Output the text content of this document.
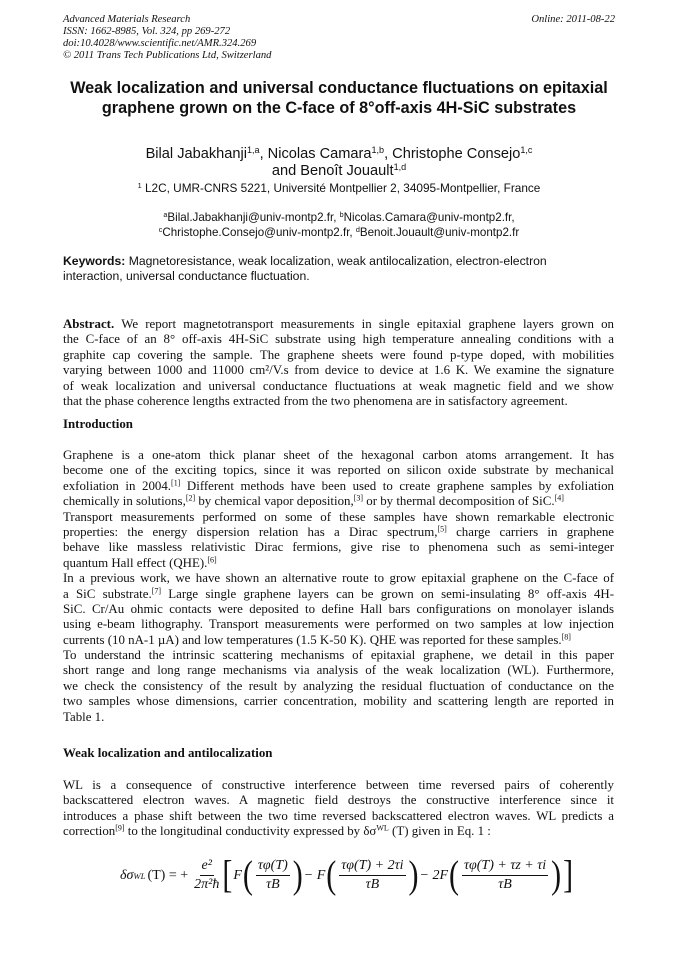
Advanced Materials Research
ISSN: 1662-8985, Vol. 324, pp 269-272
doi:10.4028/www.scientific.net/AMR.324.269
© 2011 Trans Tech Publications Ltd, Switzerland
Online: 2011-08-22
Weak localization and universal conductance fluctuations on epitaxial
graphene grown on the C-face of 8°off-axis 4H-SiC substrates
Bilal Jabakhanji$^{1,a}$, Nicolas Camara$^{1,b}$, Christophe Consejo$^{1,c}$
and Benoît Jouault$^{1,d}$
$^1$ L2C, UMR-CNRS 5221, Université Montpellier 2, 34095-Montpellier, France
$^a$Bilal.Jabakhanji@univ-montp2.fr, $^b$Nicolas.Camara@univ-montp2.fr,
$^c$Christophe.Consejo@univ-montp2.fr, $^d$Benoit.Jouault@univ-montp2.fr
Keywords: Magnetoresistance, weak localization, weak antilocalization, electron-electron
interaction, universal conductance fluctuation.
Abstract. We report magnetotransport measurements in single epitaxial graphene layers grown on
the C-face of an 8° off-axis 4H-SiC substrate using high temperature annealing conditions with a
graphite cap covering the sample. The graphene sheets were found p-type doped, with mobilities
varying between 1000 and 11000 cm²/V.s from device to device at 1.6 K. We examine the signature
of weak localization and universal conductance fluctuations at weak magnetic field and we show
that the phase coherence lengths extracted from the two phenomena are in satisfactory agreement.
Introduction
Graphene is a one-atom thick planar sheet of the hexagonal carbon atoms arrangement. It has
become one of the exciting topics, since it was reported on silicon oxide substrate by mechanical
exfoliation in 2004.[1] Different methods have been used to create graphene samples by exfoliation
chemically in solutions,[2] by chemical vapor deposition,[3] or by thermal decomposition of SiC.[4]
Transport measurements performed on some of these samples have shown remarkable electronic
properties: the energy dispersion relation has a Dirac spectrum,[5] charge carriers in graphene
behave like massless relativistic Dirac fermions, give rise to phenomena such as semi-integer
quantum Hall effect (QHE).[6]
In a previous work, we have shown an alternative route to grow epitaxial graphene on the C-face of
a SiC substrate.[7] Large single graphene layers can be grown on semi-insulating 8° off-axis 4H-
SiC. Cr/Au ohmic contacts were deposited to define Hall bars configurations on monolayer islands
using e-beam lithography. Transport measurements were performed on two samples at low injection
currents (10 nA-1 µA) and low temperatures (1.5 K-50 K). QHE was reported for these samples.[8]
To understand the intrinsic scattering mechanisms of epitaxial graphene, we detail in this paper
short range and long range mechanisms via analysis of the weak localization (WL). Furthermore,
we check the consistency of the result by analyzing the residual fluctuation of conductance on the
two samples whose dimensions, carrier concentration, mobility and scattering length are reported in
Table 1.
Weak localization and antilocalization
WL is a consequence of constructive interference between time reversed pairs of coherently
backscattered electron waves. A magnetic field destroys the constructive interference since it
introduces a phase shift between the two time reversed backscattered electron waves. WL predicts a
correction[9] to the longitudinal conductivity expressed by $\delta\sigma^{WL}$ (T) given in Eq. 1 :
δσ WL (T) = + $\frac{\text{e²}}{\text{2π²ħ}}$ [ F ( $\frac{\tau\varphi(T)}{\tau B}$ ) − F ( $\frac{\tau\varphi(T) + 2\tau i}{\tau B}$ ) − 2F ( $\frac{\tau\varphi(T) + \tau z + \tau i}{\tau B}$ ) ]
